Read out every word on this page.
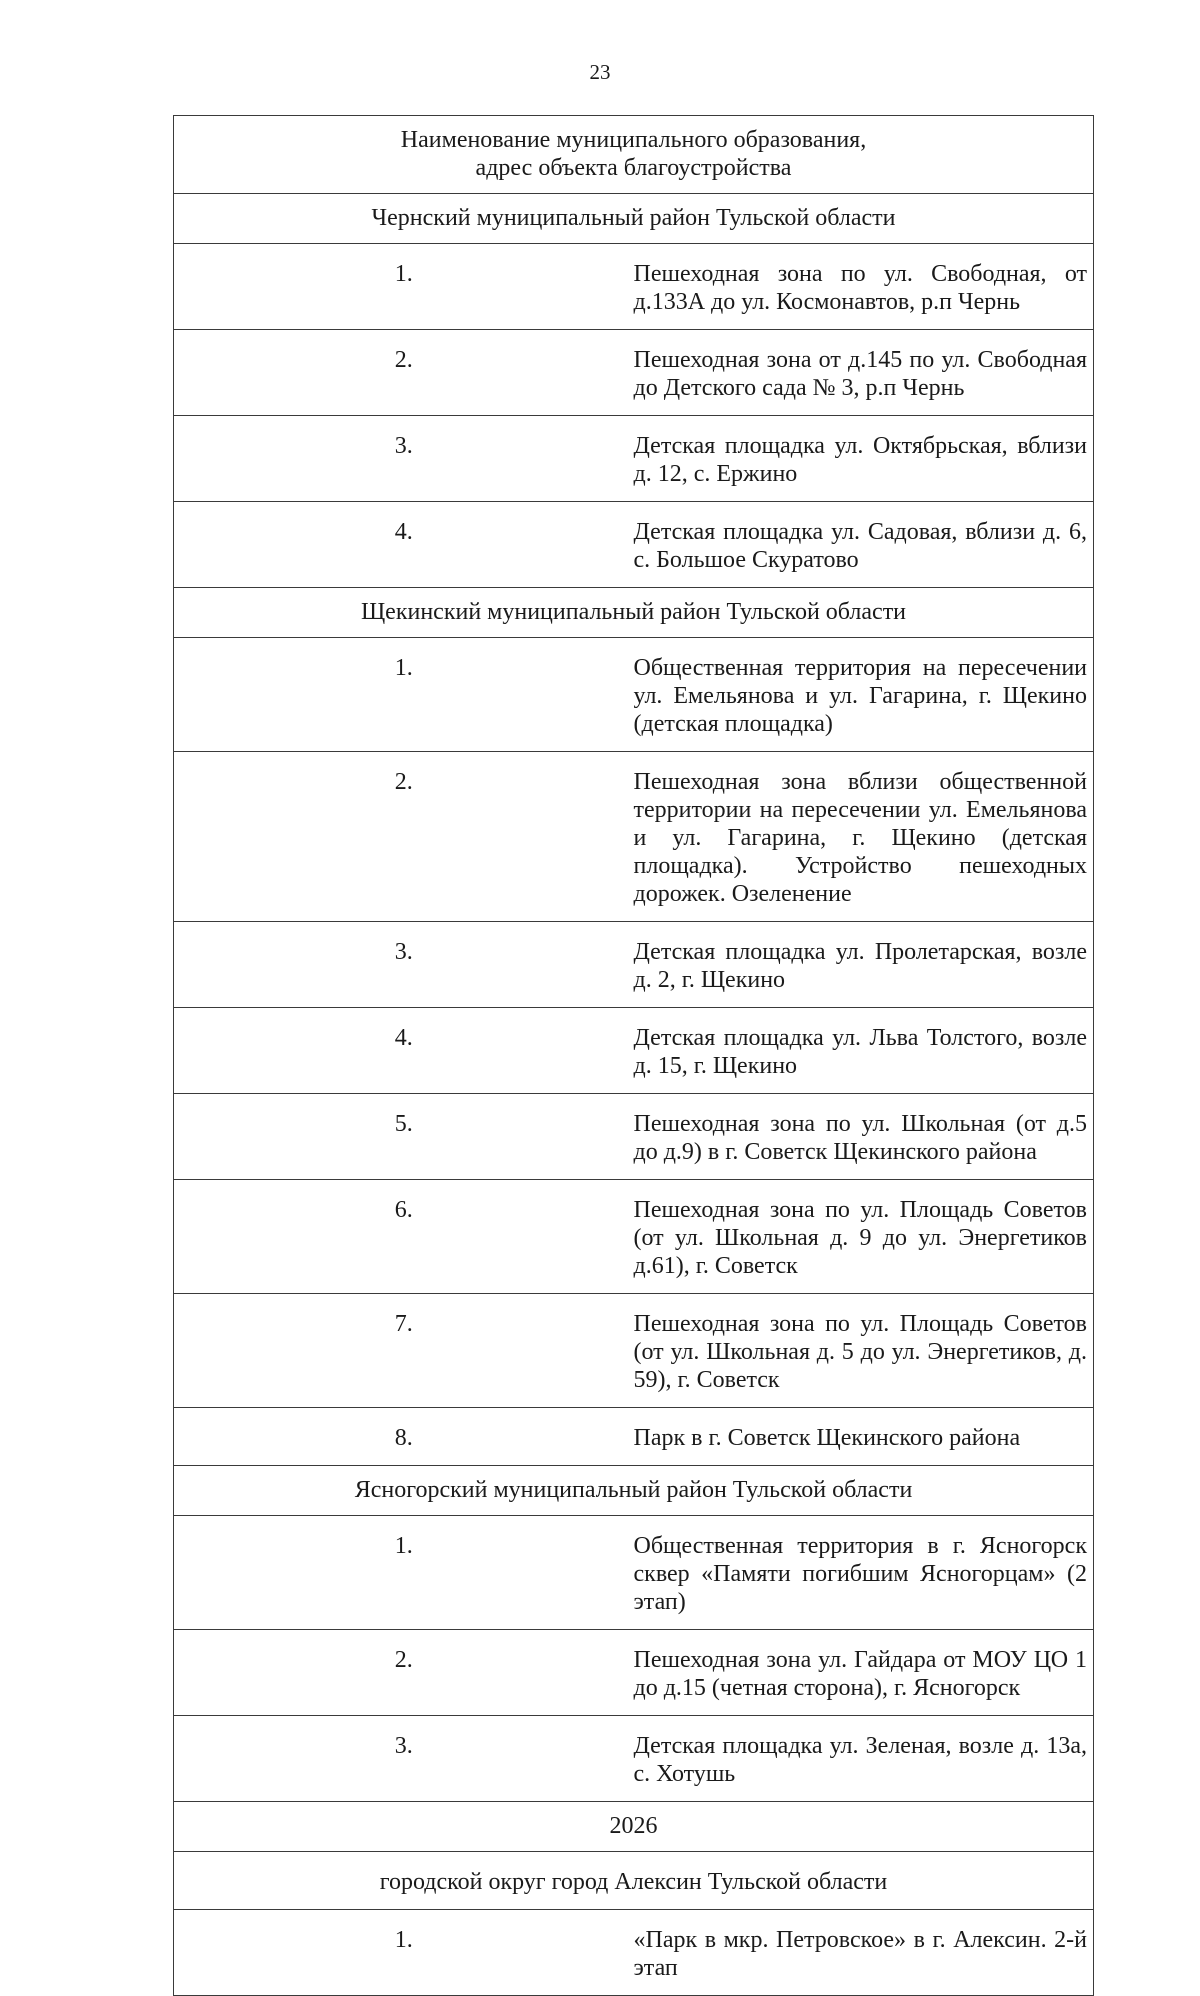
23
Наименование муниципального образования,
адрес объекта благоустройства	

Чернский муниципальный район Тульской области	
1.	Пешеходная зона по ул. Свободная, от д.133А до ул. Космонавтов, р.п Чернь
2.	Пешеходная зона от д.145 по ул. Свободная до Детского сада № 3, р.п Чернь
3.	Детская площадка ул. Октябрьская, вблизи д. 12, с. Ержино
4.	Детская площадка ул. Садовая, вблизи д. 6, с. Большое Скуратово
Щекинский муниципальный район Тульской области	
1.	Общественная территория на пересечении ул. Емельянова и ул. Гагарина, г. Щекино (детская площадка)
2.	Пешеходная зона вблизи общественной территории на пересечении ул. Емельянова и ул. Гагарина, г. Щекино (детская площадка). Устройство пешеходных дорожек. Озеленение
3.	Детская площадка ул. Пролетарская, возле д. 2, г. Щекино
4.	Детская площадка ул. Льва Толстого, возле д. 15, г. Щекино
5.	Пешеходная зона по ул. Школьная (от д.5 до д.9) в г. Советск Щекинского района
6.	Пешеходная зона по ул. Площадь Советов (от ул. Школьная д. 9 до ул. Энергетиков д.61), г. Советск
7.	Пешеходная зона по ул. Площадь Советов (от ул. Школьная д. 5 до ул. Энергетиков, д. 59), г. Советск
8.	Парк в г. Советск Щекинского района
Ясногорский муниципальный район Тульской области	
1.	Общественная территория в г. Ясногорск сквер «Памяти погибшим Ясногорцам» (2 этап)
2.	Пешеходная зона ул. Гайдара от МОУ ЦО 1 до д.15 (четная сторона), г. Ясногорск
3.	Детская площадка ул. Зеленая, возле д. 13а, с. Хотушь
2026	
городской округ город Алексин Тульской области	
1.	«Парк в мкр. Петровское» в г. Алексин. 2-й этап
